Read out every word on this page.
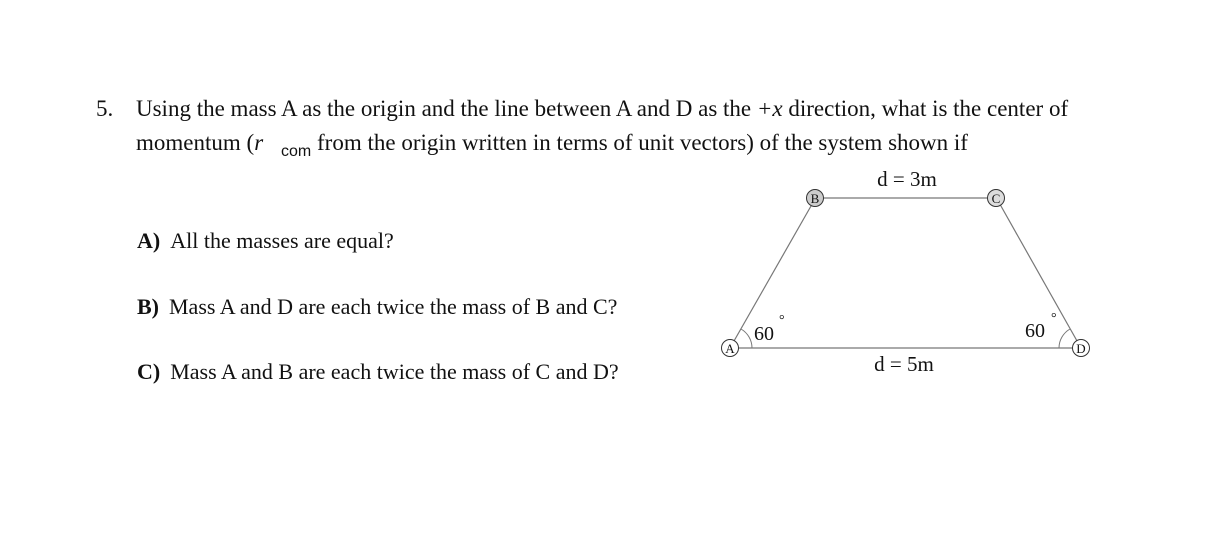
5. Using the mass A as the origin and the line between A and D as the +x direction, what is the center of momentum ($r⃗_{com}$ from the origin written in terms of unit vectors) of the system shown if
A) All the masses are equal?
B) Mass A and D are each twice the mass of B and C?
C) Mass A and B are each twice the mass of C and D?
A
B	C
D
d = 3m
d = 5m
60
°	60
°
